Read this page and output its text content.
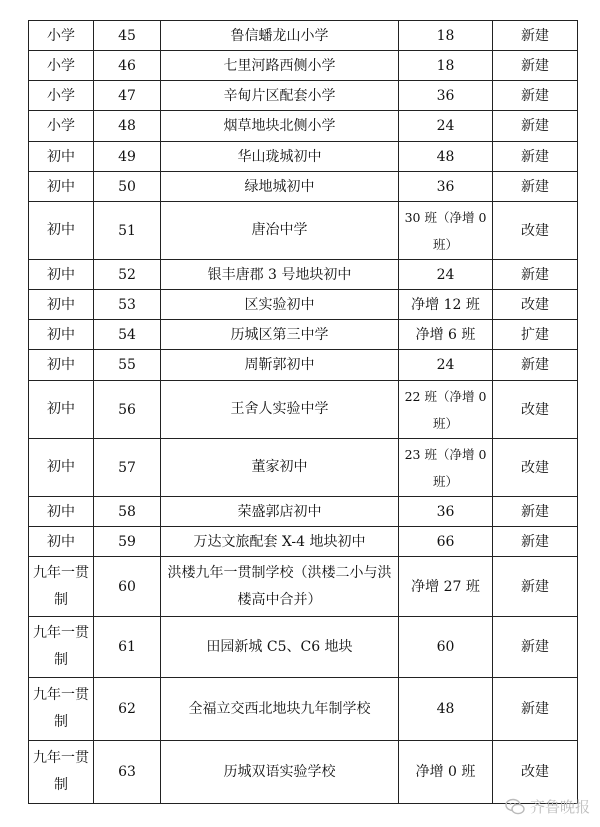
小学	45	鲁信蟠龙山小学	18	新建
小学	46	七里河路西侧小学	18	新建
小学	47	辛甸片区配套小学	36	新建
小学	48	烟草地块北侧小学	24	新建
初中	49	华山珑城初中	48	新建
初中	50	绿地城初中	36	新建
初中	51	唐冶中学	30 班（净增 0 班）	改建
初中	52	银丰唐郡 3 号地块初中	24	新建
初中	53	区实验初中	净增 12 班	改建
初中	54	历城区第三中学	净增 6 班	扩建
初中	55	周靳郭初中	24	新建
初中	56	王舍人实验中学	22 班（净增 0 班）	改建
初中	57	董家初中	23 班（净增 0 班）	改建
初中	58	荣盛郭店初中	36	新建
初中	59	万达文旅配套 X-4 地块初中	66	新建
九年一贯制	60	洪楼九年一贯制学校（洪楼二小与洪楼高中合并）	净增 27 班	新建
九年一贯制	61	田园新城 C5、C6 地块	60	新建
九年一贯制	62	全福立交西北地块九年制学校	48	新建
九年一贯制	63	历城双语实验学校	净增 0 班	改建
齐鲁晚报
